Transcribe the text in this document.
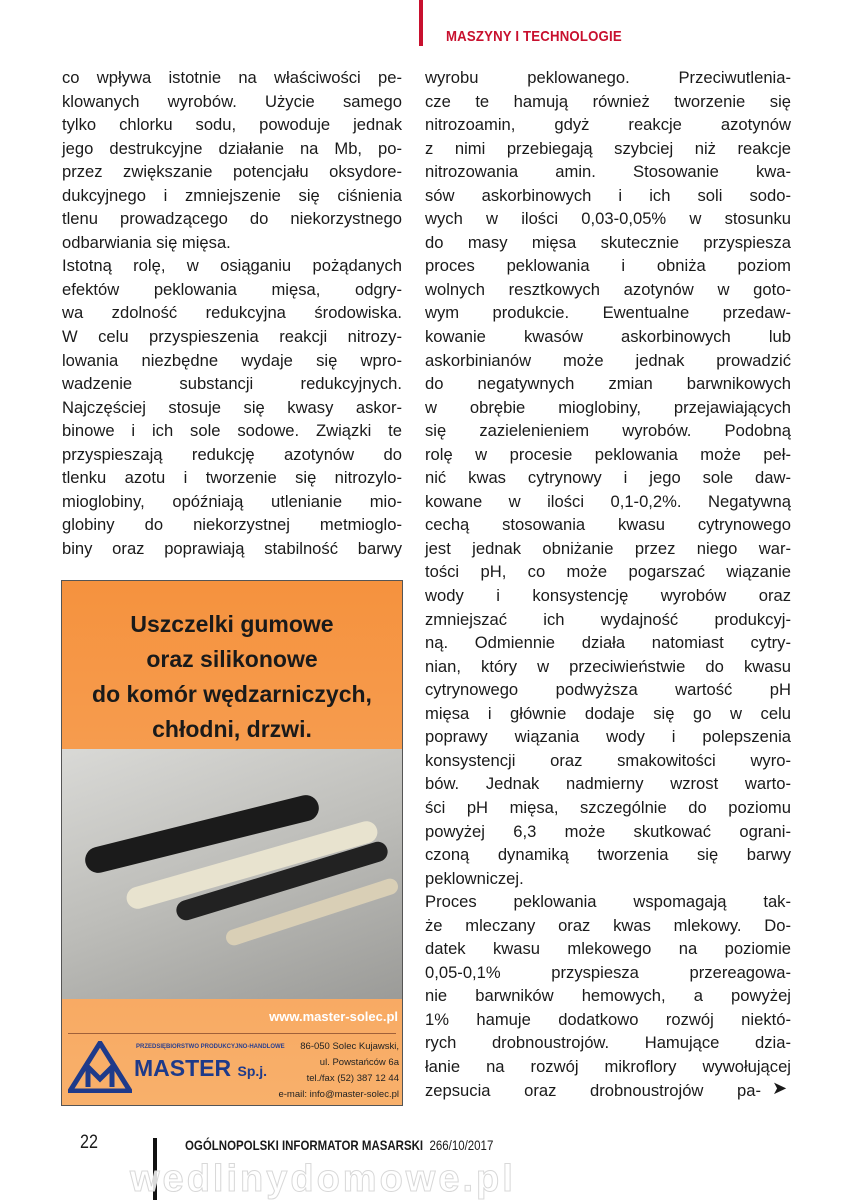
MASZYNY I TECHNOLOGIE
co wpływa istotnie na właściwości pe-
klowanych wyrobów. Użycie samego
tylko chlorku sodu, powoduje jednak
jego destrukcyjne działanie na Mb, po-
przez zwiększanie potencjału oksydore-
dukcyjnego i zmniejszenie się ciśnienia
tlenu prowadzącego do niekorzystnego
odbarwiania się mięsa.
Istotną rolę, w osiąganiu pożądanych
efektów peklowania mięsa, odgry-
wa zdolność redukcyjna środowiska.
W celu przyspieszenia reakcji nitrozy-
lowania niezbędne wydaje się wpro-
wadzenie substancji redukcyjnych.
Najczęściej stosuje się kwasy askor-
binowe i ich sole sodowe. Związki te
przyspieszają redukcję azotynów do
tlenku azotu i tworzenie się nitrozylo-
mioglobiny, opóźniają utlenianie mio-
globiny do niekorzystnej metmioglo-
biny oraz poprawiają stabilność barwy
wyrobu peklowanego. Przeciwutlenia-
cze te hamują również tworzenie się
nitrozoamin, gdyż reakcje azotynów
z nimi przebiegają szybciej niż reakcje
nitrozowania amin. Stosowanie kwa-
sów askorbinowych i ich soli sodo-
wych w ilości 0,03-0,05% w stosunku
do masy mięsa skutecznie przyspiesza
proces peklowania i obniża poziom
wolnych resztkowych azotynów w goto-
wym produkcie. Ewentualne przedaw-
kowanie kwasów askorbinowych lub
askorbinianów może jednak prowadzić
do negatywnych zmian barwnikowych
w obrębie mioglobiny, przejawiających
się zazielenieniem wyrobów. Podobną
rolę w procesie peklowania może peł-
nić kwas cytrynowy i jego sole daw-
kowane w ilości 0,1-0,2%. Negatywną
cechą stosowania kwasu cytrynowego
jest jednak obniżanie przez niego war-
tości pH, co może pogarszać wiązanie
wody i konsystencję wyrobów oraz
zmniejszać ich wydajność produkcyj-
ną. Odmiennie działa natomiast cytry-
nian, który w przeciwieństwie do kwasu
cytrynowego podwyższa wartość pH
mięsa i głównie dodaje się go w celu
poprawy wiązania wody i polepszenia
konsystencji oraz smakowitości wyro-
bów. Jednak nadmierny wzrost warto-
ści pH mięsa, szczególnie do poziomu
powyżej 6,3 może skutkować ograni-
czoną dynamiką tworzenia się barwy
peklowniczej.
Proces peklowania wspomagają tak-
że mleczany oraz kwas mlekowy. Do-
datek kwasu mlekowego na poziomie
0,05-0,1% przyspiesza przereagowa-
nie barwników hemowych, a powyżej
1% hamuje dodatkowo rozwój niektó-
rych drobnoustrojów. Hamujące dzia-
łanie na rozwój mikroflory wywołującej
zepsucia oraz drobnoustrojów pa- ➤
Uszczelki gumowe
oraz silikonowe
do komór wędzarniczych,
chłodni, drzwi.
www.master-solec.pl
PRZEDSIĘBIORSTWO PRODUKCYJNO-HANDLOWE
MASTER Sp.j.
86-050 Solec Kujawski,
ul. Powstańców 6a
tel./fax (52) 387 12 44
e-mail: info@master-solec.pl
22	OGÓLNOPOLSKI INFORMATOR MASARSKI 266/10/2017
wedlinydomowe.pl
